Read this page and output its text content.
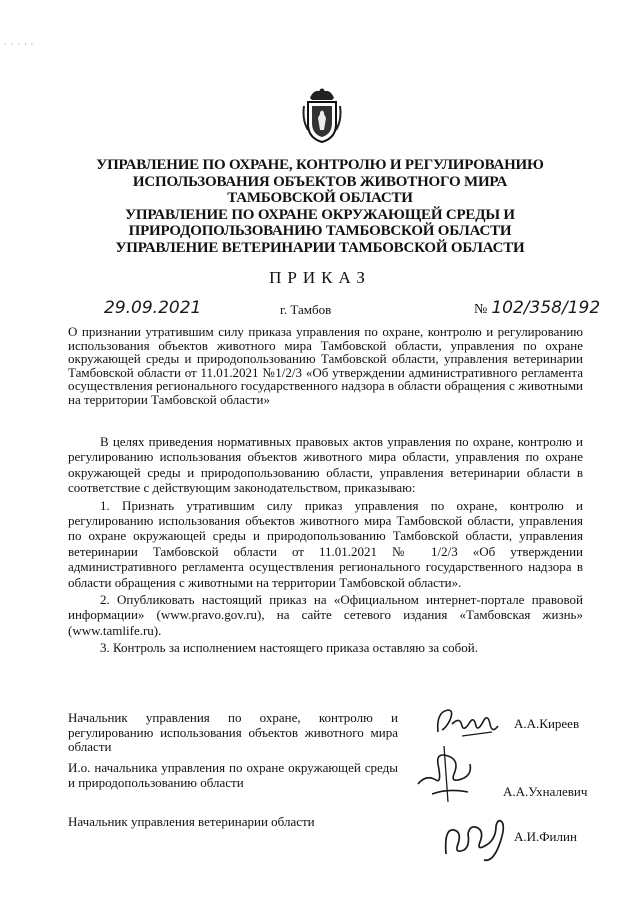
· · · · ·
УПРАВЛЕНИЕ ПО ОХРАНЕ, КОНТРОЛЮ И РЕГУЛИРОВАНИЮ
ИСПОЛЬЗОВАНИЯ ОБЪЕКТОВ ЖИВОТНОГО МИРА
ТАМБОВСКОЙ ОБЛАСТИ
УПРАВЛЕНИЕ ПО ОХРАНЕ ОКРУЖАЮЩЕЙ СРЕДЫ И
ПРИРОДОПОЛЬЗОВАНИЮ ТАМБОВСКОЙ ОБЛАСТИ
УПРАВЛЕНИЕ ВЕТЕРИНАРИИ ТАМБОВСКОЙ ОБЛАСТИ
ПРИКАЗ
29.09.2021	г. Тамбов	№ 102/358/192
О признании утратившим силу приказа управления по охране, контролю и регулированию использования объектов животного мира Тамбовской области, управления по охране окружающей среды и природопользованию Тамбовской области, управления ветеринарии Тамбовской области от 11.01.2021 №1/2/3 «Об утверждении административного регламента осуществления регионального государственного надзора в области обращения с животными на территории Тамбовской области»

В целях приведения нормативных правовых актов управления по охране, контролю и регулированию использования объектов животного мира области, управления по охране окружающей среды и природопользованию области, управления ветеринарии области в соответствие с действующим законодательством, приказываю:

1. Признать утратившим силу приказ управления по охране, контролю и регулированию использования объектов животного мира Тамбовской области, управления по охране окружающей среды и природопользованию Тамбовской области, управления ветеринарии Тамбовской области от 11.01.2021 № 1/2/3 «Об утверждении административного регламента осуществления регионального государственного надзора в области обращения с животными на территории Тамбовской области».

2. Опубликовать настоящий приказ на «Официальном интернет-портале правовой информации» (www.pravo.gov.ru), на сайте сетевого издания «Тамбовская жизнь» (www.tamlife.ru).

3. Контроль за исполнением настоящего приказа оставляю за собой.

Начальник управления по охране, контролю и регулированию использования объектов животного мира области
А.А.Киреев
И.о. начальника управления по охране окружающей среды и природопользованию области
А.А.Ухналевич
Начальник управления ветеринарии области
А.И.Филин
